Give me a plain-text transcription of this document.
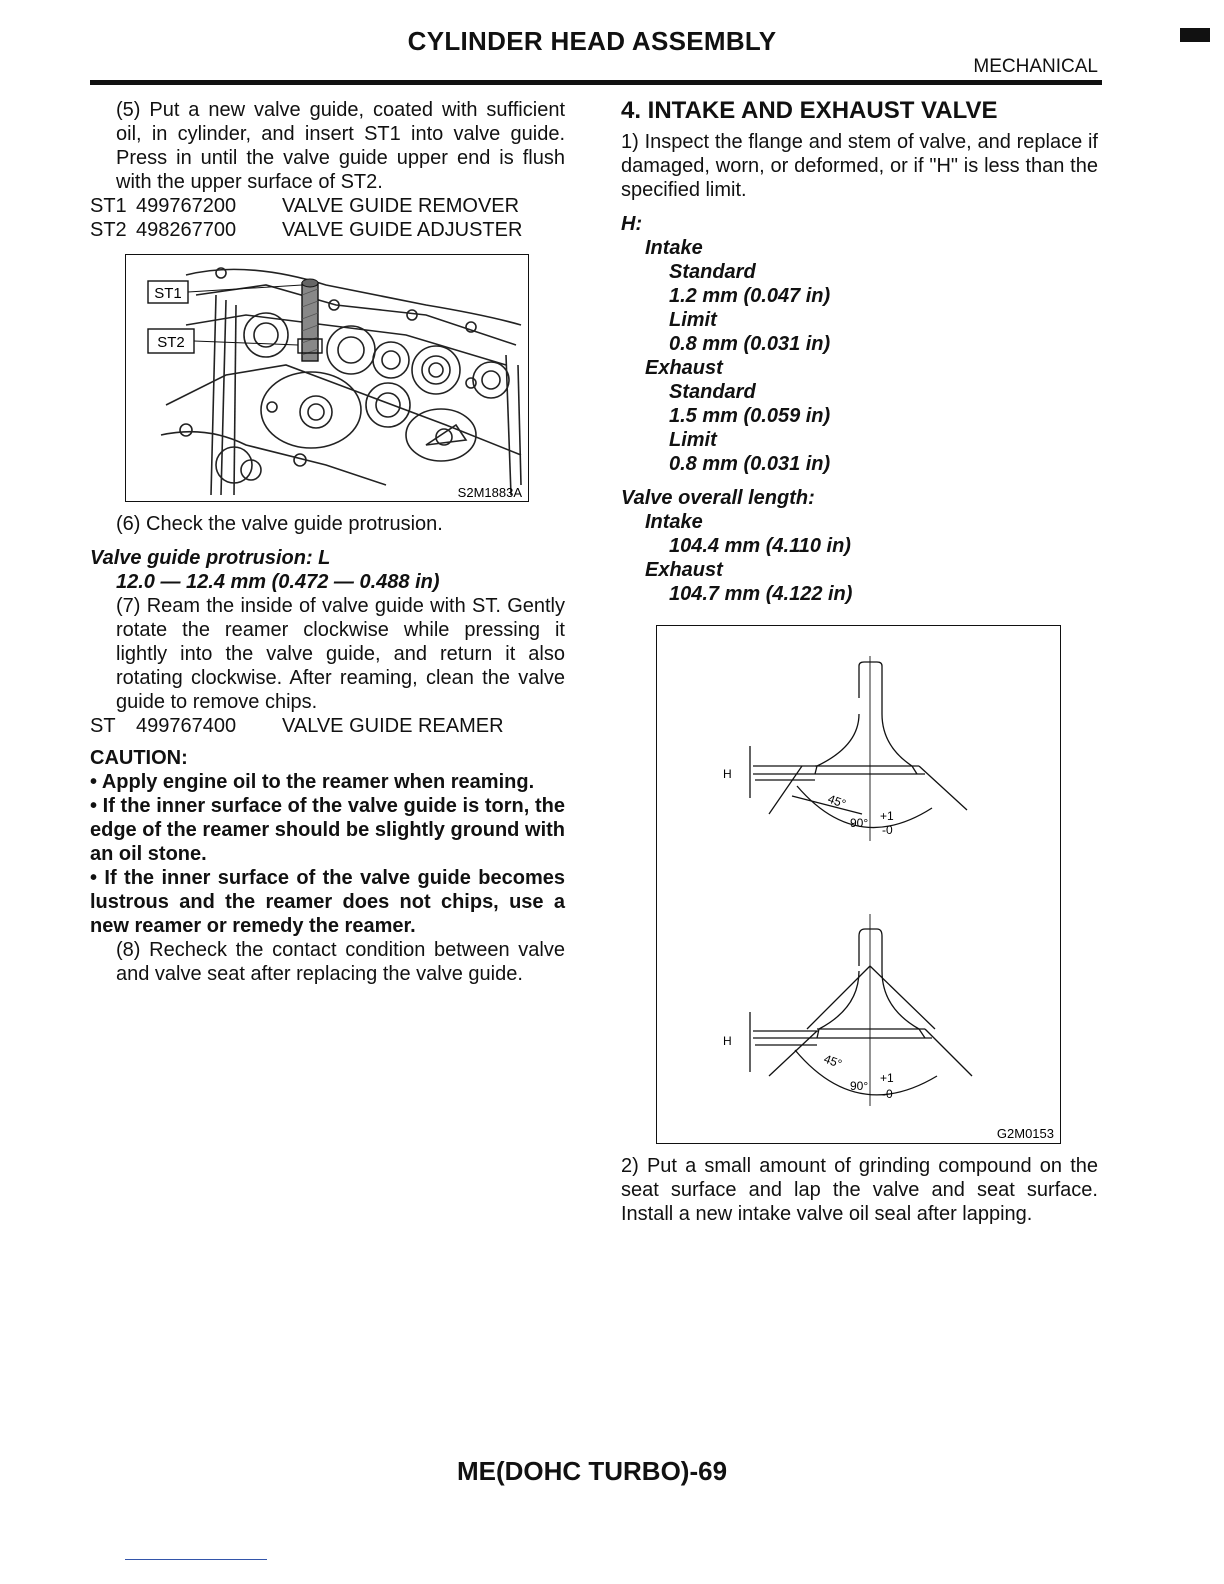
CYLINDER HEAD ASSEMBLY
MECHANICAL

(5) Put a new valve guide, coated with sufficient oil, in cylinder, and insert ST1 into valve guide. Press in until the valve guide upper end is flush with the upper surface of ST2.

ST1 499767200	VALVE GUIDE REMOVER
ST2 498267700	VALVE GUIDE ADJUSTER
ST1
ST2
S2M1883A

(6) Check the valve guide protrusion.

Valve guide protrusion: L

12.0 — 12.4 mm (0.472 — 0.488 in)

(7) Ream the inside of valve guide with ST. Gently rotate the reamer clockwise while pressing it lightly into the valve guide, and return it also rotating clockwise. After reaming, clean the valve guide to remove chips.

ST	499767400	VALVE GUIDE REAMER

CAUTION:

• Apply engine oil to the reamer when reaming.

• If the inner surface of the valve guide is torn, the edge of the reamer should be slightly ground with an oil stone.

• If the inner surface of the valve guide becomes lustrous and the reamer does not chips, use a new reamer or remedy the reamer.

(8) Recheck the contact condition between valve and valve seat after replacing the valve guide.

4. INTAKE AND EXHAUST VALVE

1) Inspect the flange and stem of valve, and replace if damaged, worn, or deformed, or if "H" is less than the specified limit.

H:

Intake

Standard

1.2 mm (0.047 in)

Limit

0.8 mm (0.031 in)

Exhaust

Standard

1.5 mm (0.059 in)

Limit

0.8 mm (0.031 in)

Valve overall length:

Intake

104.4 mm (4.110 in)

Exhaust

104.7 mm (4.122 in)

H
45°
90° +1
-0
H
45°
90°
+1
-0
G2M0153

2) Put a small amount of grinding compound on the seat surface and lap the valve and seat surface. Install a new intake valve oil seal after lapping.

ME(DOHC TURBO)-69
